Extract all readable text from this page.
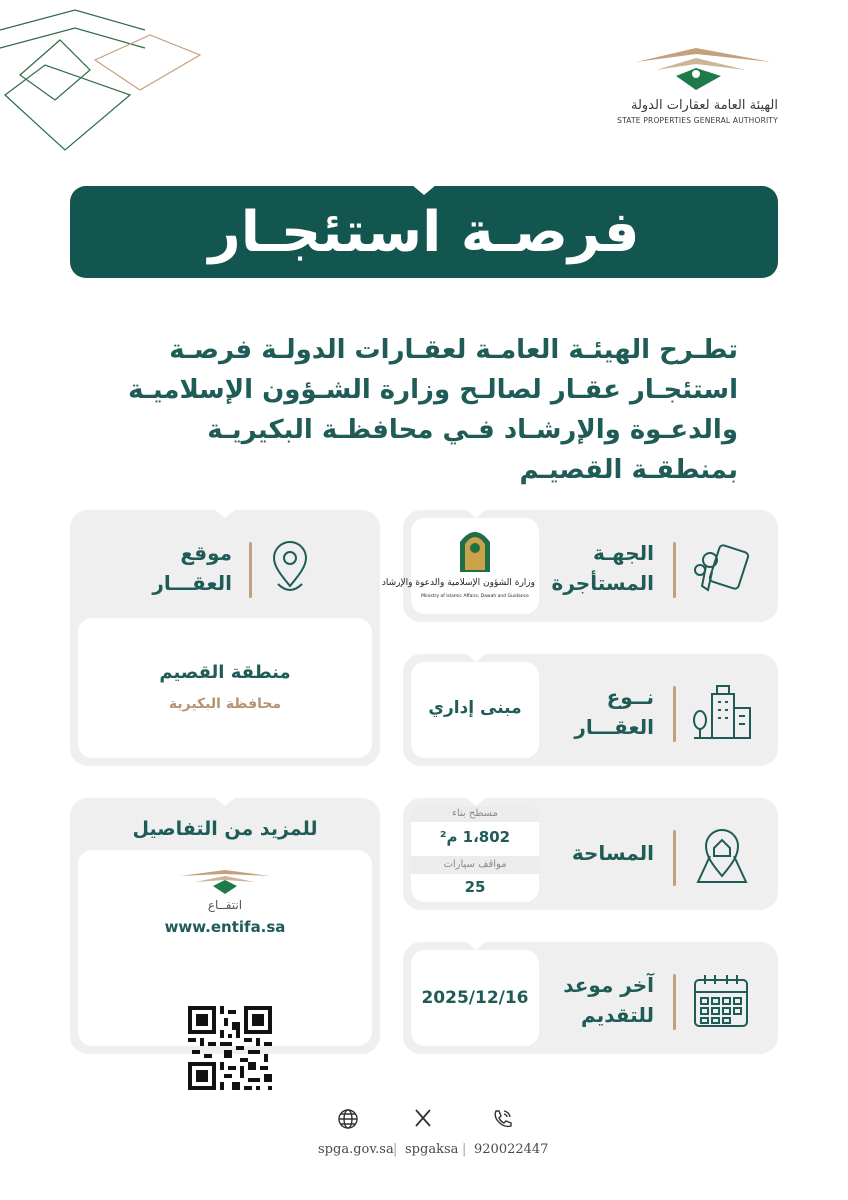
الهيئة العامة لعقارات الدولة
STATE PROPERTIES GENERAL AUTHORITY
فرصـة استئجـار

تطـرح الهيئـة العامـة لعقـارات الدولـة فرصـة استئجـار عقـار لصالـح وزارة الشـؤون الإسلاميـة والدعـوة والإرشـاد فـي محافظـة البكيريـة بمنطقـة القصيـم

الجهـة المستأجرة
وزارة الشؤون الإسلامية والدعوة والإرشاد
Ministry of Islamic Affairs, Dawah and Guidance
نــوع العقـــار
مبنى إداري
المساحة
مسطح بناء
1،802 م²
مواقف سيارات
25
آخر موعد للتقديم
2025/12/16
موقع العقـــار
منطقة القصيم
محافظة البكيرية
للمزيد من التفاصيل
انتفــاع
www.entifa.sa
spga.gov.sa | spgaksa | 920022447
